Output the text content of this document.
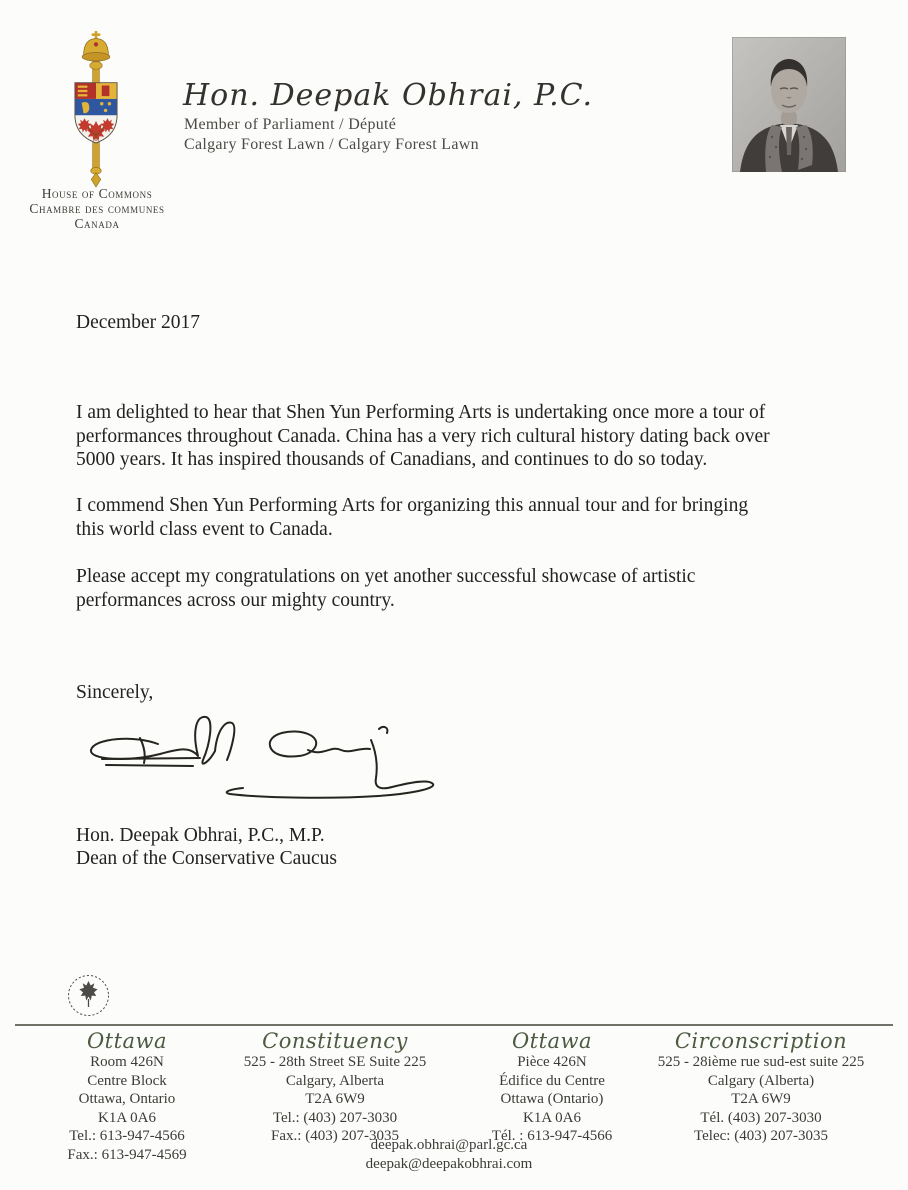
House of Commons
Chambre des communes
Canada
Hon. Deepak Obhrai, P.C.
Member of Parliament / Député
Calgary Forest Lawn / Calgary Forest Lawn
December 2017
I am delighted to hear that Shen Yun Performing Arts is undertaking once more a tour of
performances throughout Canada. China has a very rich cultural history dating back over
5000 years. It has inspired thousands of Canadians, and continues to do so today.
I commend Shen Yun Performing Arts for organizing this annual tour and for bringing
this world class event to Canada.
Please accept my congratulations on yet another successful showcase of artistic
performances across our mighty country.
Sincerely,
Hon. Deepak Obhrai, P.C., M.P.
Dean of the Conservative Caucus
Ottawa
Room 426N
Centre Block
Ottawa, Ontario
K1A 0A6
Tel.: 613-947-4566
Fax.: 613-947-4569
Constituency
525 - 28th Street SE Suite 225
Calgary, Alberta
T2A 6W9
Tel.: (403) 207-3030
Fax.: (403) 207-3035
Ottawa
Pièce 426N
Édifice du Centre
Ottawa (Ontario)
K1A 0A6
Tél. : 613-947-4566
Circonscription
525 - 28ième rue sud-est suite 225
Calgary (Alberta)
T2A 6W9
Tél. (403) 207-3030
Telec: (403) 207-3035
deepak.obhrai@parl.gc.ca
deepak@deepakobhrai.com
